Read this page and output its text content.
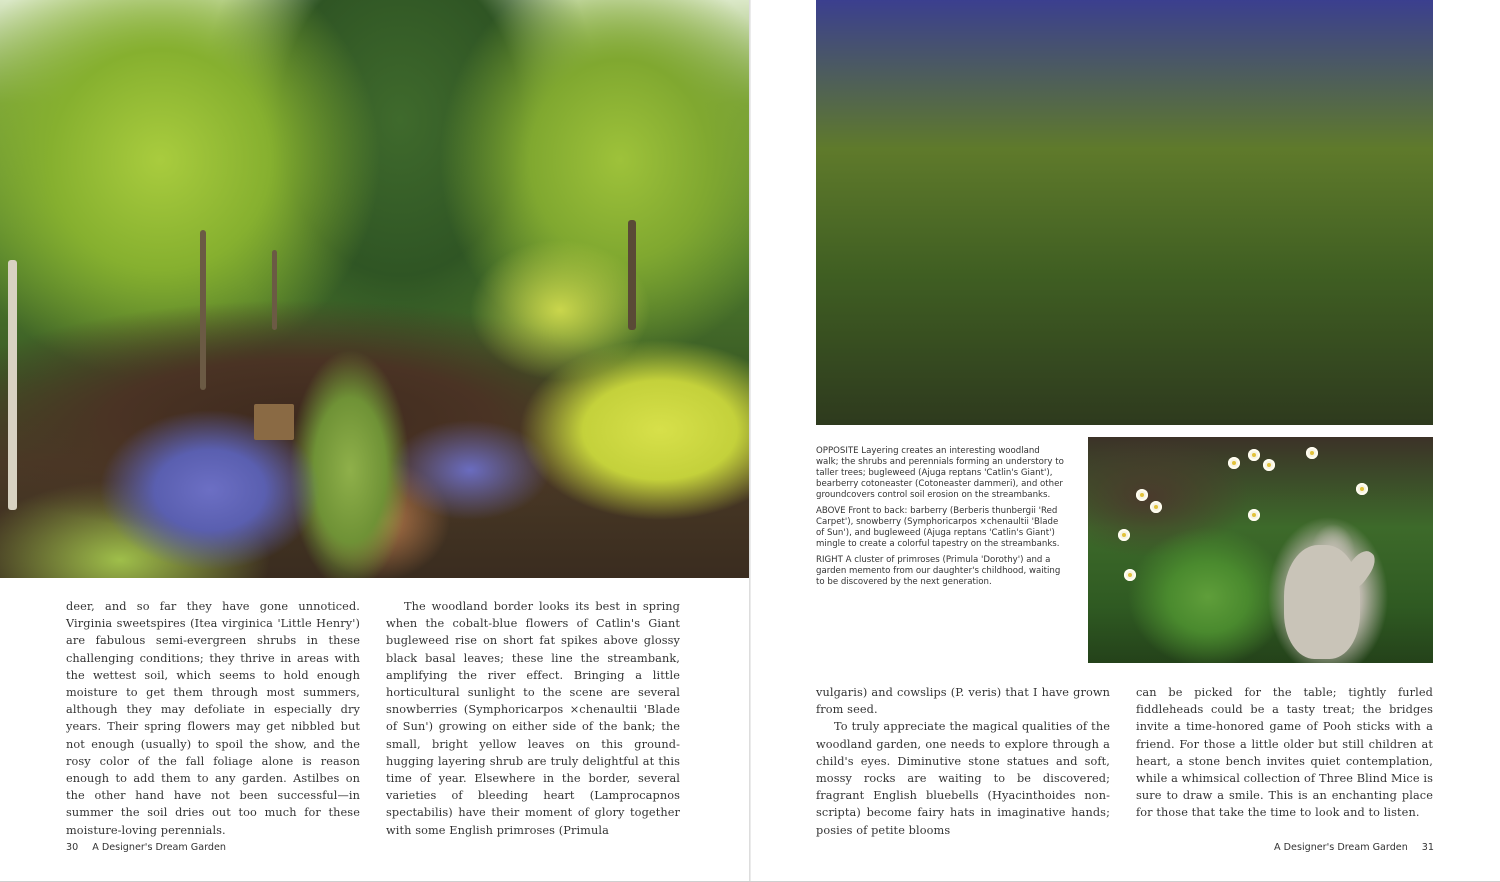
deer, and so far they have gone unnoticed. Virginia sweetspires (Itea virginica 'Little Henry') are fabulous semi-evergreen shrubs in these challenging conditions; they thrive in areas with the wettest soil, which seems to hold enough moisture to get them through most summers, although they may defoliate in especially dry years. Their spring flowers may get nibbled but not enough (usually) to spoil the show, and the rosy color of the fall foliage alone is reason enough to add them to any garden. Astilbes on the other hand have not been successful—in summer the soil dries out too much for these moisture-loving perennials.

The woodland border looks its best in spring when the cobalt-blue flowers of Catlin's Giant bugleweed rise on short fat spikes above glossy black basal leaves; these line the streambank, amplifying the river effect. Bringing a little horticultural sunlight to the scene are several snowberries (Symphoricarpos ×chenaultii 'Blade of Sun') growing on either side of the bank; the small, bright yellow leaves on this ground-hugging layering shrub are truly delightful at this time of year. Elsewhere in the border, several varieties of bleeding heart (Lamprocapnos spectabilis) have their moment of glory together with some English primroses (Primula

30 A Designer's Dream Garden

OPPOSITE Layering creates an interesting woodland walk; the shrubs and perennials forming an understory to taller trees; bugleweed (Ajuga reptans 'Catlin's Giant'), bearberry cotoneaster (Cotoneaster dammeri), and other groundcovers control soil erosion on the streambanks.

ABOVE Front to back: barberry (Berberis thunbergii 'Red Carpet'), snowberry (Symphoricarpos ×chenaultii 'Blade of Sun'), and bugleweed (Ajuga reptans 'Catlin's Giant') mingle to create a colorful tapestry on the streambanks.

RIGHT A cluster of primroses (Primula 'Dorothy') and a garden memento from our daughter's childhood, waiting to be discovered by the next generation.

vulgaris) and cowslips (P. veris) that I have grown from seed.

To truly appreciate the magical qualities of the woodland garden, one needs to explore through a child's eyes. Diminutive stone statues and soft, mossy rocks are waiting to be discovered; fragrant English bluebells (Hyacinthoides non-scripta) become fairy hats in imaginative hands; posies of petite blooms

can be picked for the table; tightly furled fiddleheads could be a tasty treat; the bridges invite a time-honored game of Pooh sticks with a friend. For those a little older but still children at heart, a stone bench invites quiet contemplation, while a whimsical collection of Three Blind Mice is sure to draw a smile. This is an enchanting place for those that take the time to look and to listen.

A Designer's Dream Garden 31
